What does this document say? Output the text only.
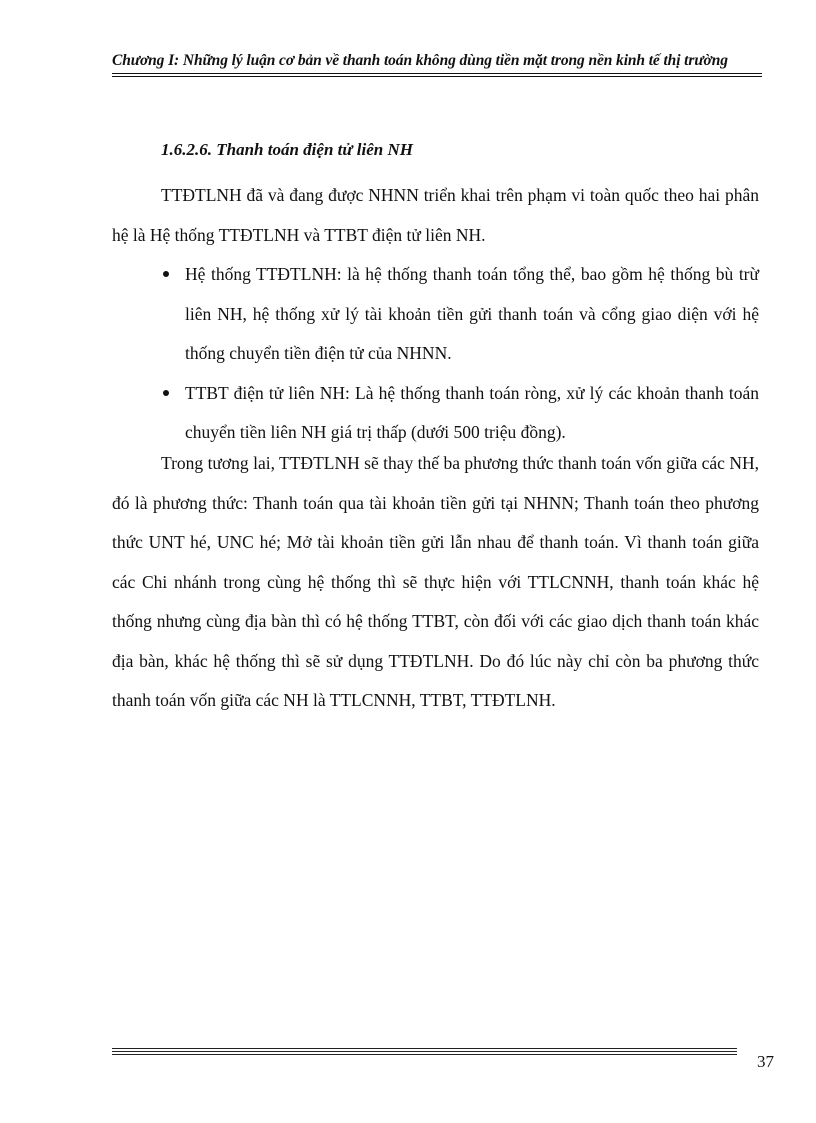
Chương I: Những lý luận cơ bản về thanh toán không dùng tiền mặt trong nền kinh tế thị trường
1.6.2.6. Thanh toán điện tử liên NH

TTĐTLNH đã và đang được NHNN triển khai trên phạm vi toàn quốc theo hai phân hệ là Hệ thống TTĐTLNH và TTBT điện tử liên NH.

Hệ thống TTĐTLNH: là hệ thống thanh toán tổng thể, bao gồm hệ thống bù trừ liên NH, hệ thống xử lý tài khoản tiền gửi thanh toán và cổng giao diện với hệ thống chuyển tiền điện tử của NHNN.
TTBT điện tử liên NH: Là hệ thống thanh toán ròng, xử lý các khoản thanh toán chuyển tiền liên NH giá trị thấp (dưới 500 triệu đồng).

Trong tương lai, TTĐTLNH sẽ thay thế ba phương thức thanh toán vốn giữa các NH, đó là phương thức: Thanh toán qua tài khoản tiền gửi tại NHNN; Thanh toán theo phương thức UNT hé, UNC hé; Mở tài khoản tiền gửi lẫn nhau để thanh toán. Vì thanh toán giữa các Chi nhánh trong cùng hệ thống thì sẽ thực hiện với TTLCNNH, thanh toán khác hệ thống nhưng cùng địa bàn thì có hệ thống TTBT, còn đối với các giao dịch thanh toán khác địa bàn, khác hệ thống thì sẽ sử dụng TTĐTLNH. Do đó lúc này chỉ còn ba phương thức thanh toán vốn giữa các NH là TTLCNNH, TTBT, TTĐTLNH.

37
